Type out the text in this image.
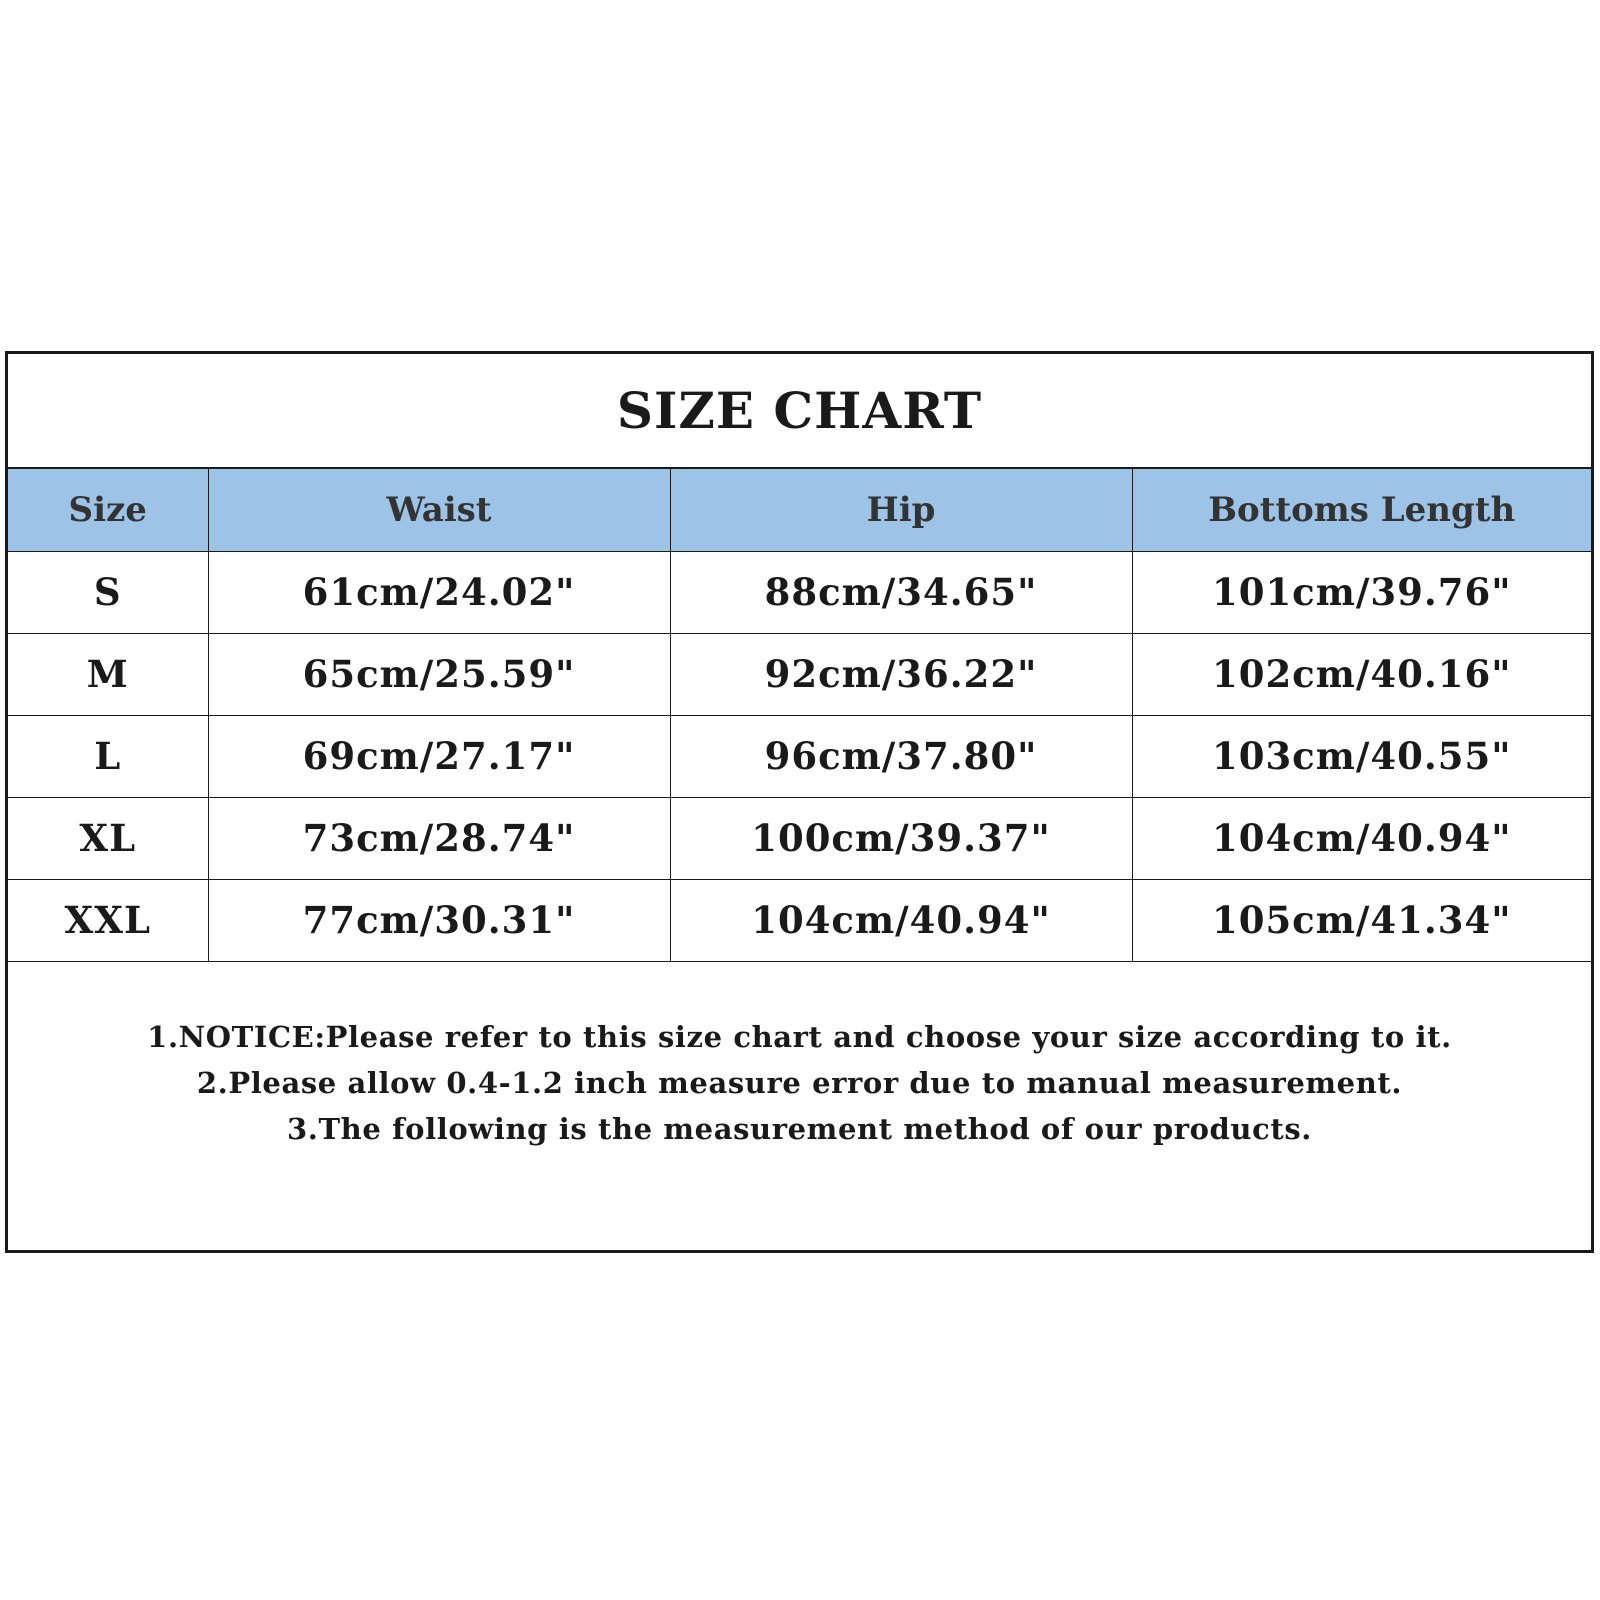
SIZE CHART
Size	Waist	Hip	Bottoms Length
S	61cm/24.02"	88cm/34.65"	101cm/39.76"
M	65cm/25.59"	92cm/36.22"	102cm/40.16"
L	69cm/27.17"	96cm/37.80"	103cm/40.55"
XL	73cm/28.74"	100cm/39.37"	104cm/40.94"
XXL	77cm/30.31"	104cm/40.94"	105cm/41.34"
1.NOTICE:Please refer to this size chart and choose your size according to it.
2.Please allow 0.4-1.2 inch measure error due to manual measurement.
3.The following is the measurement method of our products.
